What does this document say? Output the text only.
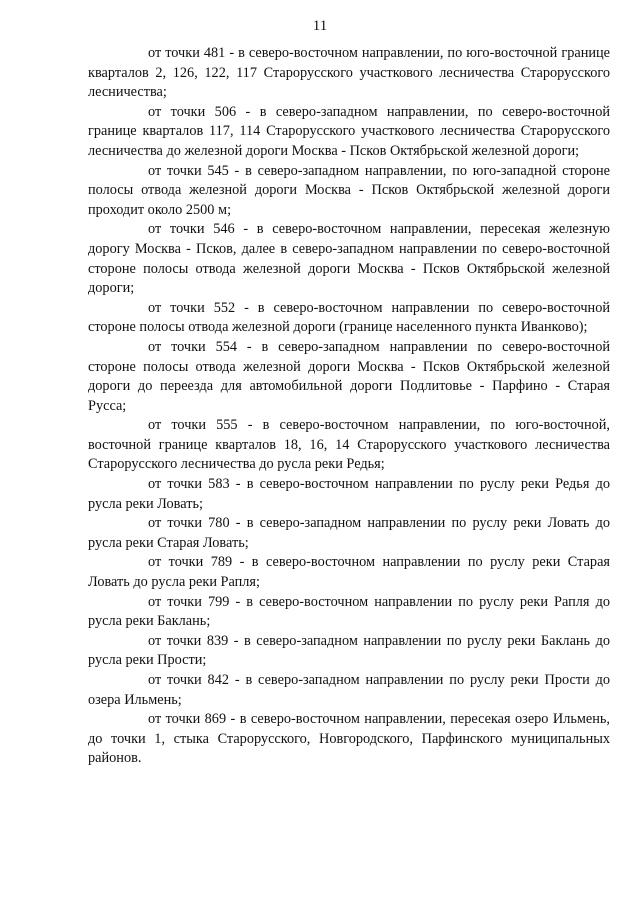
11

от точки 481 - в северо-восточном направлении, по юго-восточной границе кварталов 2, 126, 122, 117 Старорусского участкового лесничества Старорусского лесничества;

от точки 506 - в северо-западном направлении, по северо-восточной границе кварталов 117, 114 Старорусского участкового лесничества Старорусского лесничества до железной дороги Москва - Псков Октябрьской железной дороги;

от точки 545 - в северо-западном направлении, по юго-западной стороне полосы отвода железной дороги Москва - Псков Октябрьской железной дороги проходит около 2500 м;

от точки 546 - в северо-восточном направлении, пересекая железную дорогу Москва - Псков, далее в северо-западном направлении по северо-восточной стороне полосы отвода железной дороги Москва - Псков Октябрьской железной дороги;

от точки 552 - в северо-восточном направлении по северо-восточной стороне полосы отвода железной дороги (границе населенного пункта Иванково);

от точки 554 - в северо-западном направлении по северо-восточной стороне полосы отвода железной дороги Москва - Псков Октябрьской железной дороги до переезда для автомобильной дороги Подлитовье - Парфино - Старая Русса;

от точки 555 - в северо-восточном направлении, по юго-восточной, восточной границе кварталов 18, 16, 14 Старорусского участкового лесничества Старорусского лесничества до русла реки Редья;

от точки 583 - в северо-восточном направлении по руслу реки Редья до русла реки Ловать;

от точки 780 - в северо-западном направлении по руслу реки Ловать до русла реки Старая Ловать;

от точки 789 - в северо-восточном направлении по руслу реки Старая Ловать до русла реки Рапля;

от точки 799 - в северо-восточном направлении по руслу реки Рапля до русла реки Баклань;

от точки 839 - в северо-западном направлении по руслу реки Баклань до русла реки Прости;

от точки 842 - в северо-западном направлении по руслу реки Прости до озера Ильмень;

от точки 869 - в северо-восточном направлении, пересекая озеро Ильмень, до точки 1, стыка Старорусского, Новгородского, Парфинского муниципальных районов.
